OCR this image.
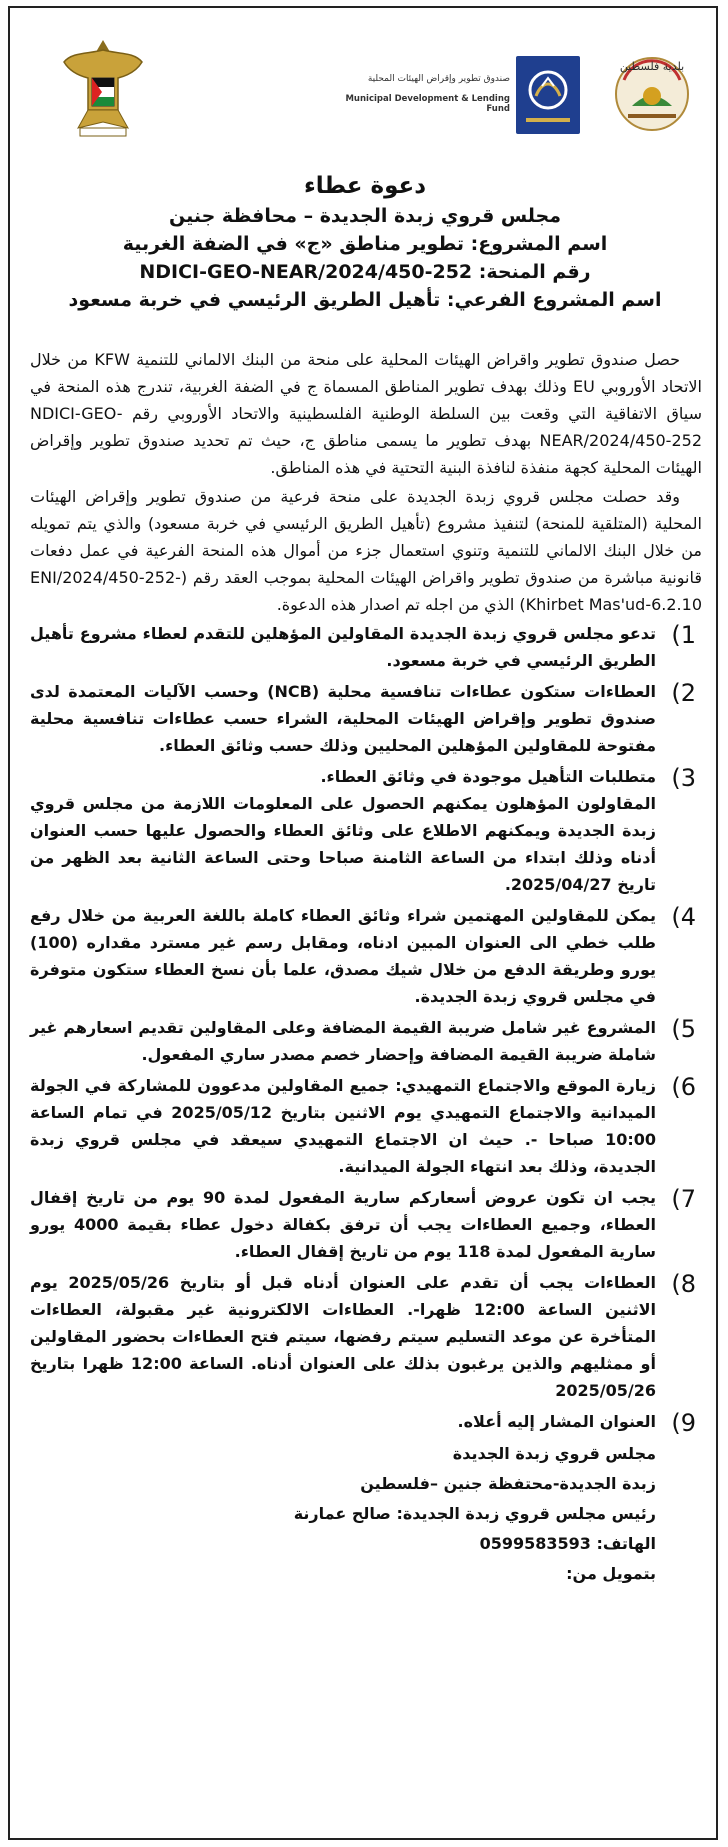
صندوق تطوير وإقراض الهيئات المحلية
Municipal Development & Lending Fund
بلدية فلسطين
دعوة عطاء
مجلس قروي زبدة الجديدة – محافظة جنين
اسم المشروع: تطوير مناطق «ج» في الضفة الغربية
رقم المنحة: NDICI-GEO-NEAR/2024/450-252
اسم المشروع الفرعي: تأهيل الطريق الرئيسي في خربة مسعود

حصل صندوق تطوير واقراض الهيئات المحلية على منحة من البنك الالماني للتنمية KFW من خلال الاتحاد الأوروبي EU وذلك بهدف تطوير المناطق المسماة ج في الضفة الغربية، تندرج هذه المنحة في سياق الاتفاقية التي وقعت بين السلطة الوطنية الفلسطينية والاتحاد الأوروبي رقم NDICI-GEO-NEAR/2024/450-252 بهدف تطوير ما يسمى مناطق ج، حيث تم تحديد صندوق تطوير وإقراض الهيئات المحلية كجهة منفذة لنافذة البنية التحتية في هذه المناطق.

وقد حصلت مجلس قروي زبدة الجديدة على منحة فرعية من صندوق تطوير وإقراض الهيئات المحلية (المتلقية للمنحة) لتنفيذ مشروع (تأهيل الطريق الرئيسي في خربة مسعود) والذي يتم تمويله من خلال البنك الالماني للتنمية وتنوي استعمال جزء من أموال هذه المنحة الفرعية في عمل دفعات قانونية مباشرة من صندوق تطوير واقراض الهيئات المحلية بموجب العقد رقم (ENI/2024/450-252- Khirbet Mas'ud-6.2.10) الذي من اجله تم اصدار هذه الدعوة.

1)
تدعو مجلس قروي زبدة الجديدة المقاولين المؤهلين للتقدم لعطاء مشروع تأهيل الطريق الرئيسي في خربة مسعود.
2)
العطاءات ستكون عطاءات تنافسية محلية (NCB) وحسب الآليات المعتمدة لدى صندوق تطوير وإقراض الهيئات المحلية، الشراء حسب عطاءات تنافسية محلية مفتوحة للمقاولين المؤهلين المحليين وذلك حسب وثائق العطاء.
3)
متطلبات التأهيل موجودة في وثائق العطاء.
المقاولون المؤهلون يمكنهم الحصول على المعلومات اللازمة من مجلس قروي زبدة الجديدة ويمكنهم الاطلاع على وثائق العطاء والحصول عليها حسب العنوان أدناه وذلك ابتداء من الساعة الثامنة صباحا وحتى الساعة الثانية بعد الظهر من تاريخ 2025/04/27.
4)
يمكن للمقاولين المهتمين شراء وثائق العطاء كاملة باللغة العربية من خلال رفع طلب خطي الى العنوان المبين ادناه، ومقابل رسم غير مسترد مقداره (100) يورو وطريقة الدفع من خلال شيك مصدق، علما بأن نسخ العطاء ستكون متوفرة في مجلس قروي زبدة الجديدة.
5)
المشروع غير شامل ضريبة القيمة المضافة وعلى المقاولين تقديم اسعارهم غير شاملة ضريبة القيمة المضافة وإحضار خصم مصدر ساري المفعول.
6)
زيارة الموقع والاجتماع التمهيدي: جميع المقاولين مدعوون للمشاركة في الجولة الميدانية والاجتماع التمهيدي يوم الاثنين بتاريخ 2025/05/12 في تمام الساعة 10:00 صباحا -. حيث ان الاجتماع التمهيدي سيعقد في مجلس قروي زبدة الجديدة، وذلك بعد انتهاء الجولة الميدانية.
7)
يجب ان تكون عروض أسعاركم سارية المفعول لمدة 90 يوم من تاريخ إقفال العطاء، وجميع العطاءات يجب أن ترفق بكفالة دخول عطاء بقيمة 4000 يورو سارية المفعول لمدة 118 يوم من تاريخ إقفال العطاء.
8)
العطاءات يجب أن تقدم على العنوان أدناه قبل أو بتاريخ 2025/05/26 يوم الاثنين الساعة 12:00 ظهرا-. العطاءات الالكترونية غير مقبولة، العطاءات المتأخرة عن موعد التسليم سيتم رفضها، سيتم فتح العطاءات بحضور المقاولين أو ممثليهم والذين يرغبون بذلك على العنوان أدناه. الساعة 12:00 ظهرا بتاريخ 2025/05/26
9)
العنوان المشار إليه أعلاه.
مجلس قروي زبدة الجديدة
زبدة الجديدة-محتفظة جنين –فلسطين
رئيس مجلس قروي زبدة الجديدة: صالح عمارنة
الهاتف: 0599583593
بتمويل من:
